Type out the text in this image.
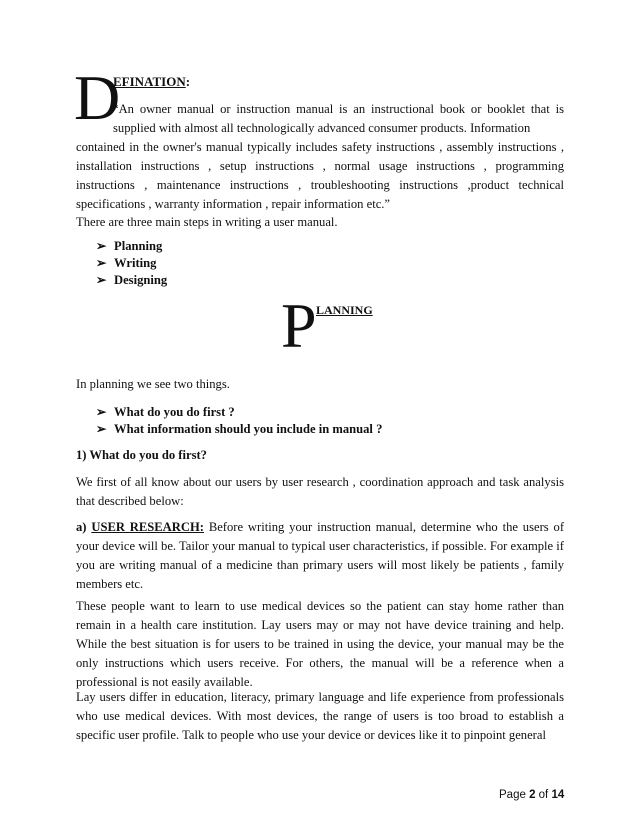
D
EFINATION:
“An owner manual or instruction manual is an instructional book or booklet that is supplied with almost all technologically advanced consumer products. Information
contained in the owner's manual typically includes safety instructions , assembly instructions , installation instructions , setup instructions , normal usage instructions , programming instructions , maintenance instructions , troubleshooting instructions ,product technical specifications , warranty information , repair information etc.”
There are three main steps in writing a user manual.
➢ Planning
➢ Writing
➢ Designing
P LANNING
In planning we see two things.
➢ What do you do first ?
➢ What information should you include in manual ?
1) What do you do first?
We first of all know about our users by user research , coordination approach and task analysis that described below:
a) USER RESEARCH: Before writing your instruction manual, determine who the users of your device will be. Tailor your manual to typical user characteristics, if possible. For example if you are writing manual of a medicine than primary users will most likely be patients , family members etc.
These people want to learn to use medical devices so the patient can stay home rather than remain in a health care institution. Lay users may or may not have device training and help. While the best situation is for users to be trained in using the device, your manual may be the only instructions which users receive. For others, the manual will be a reference when a professional is not easily available.
Lay users differ in education, literacy, primary language and life experience from professionals who use medical devices. With most devices, the range of users is too broad to establish a specific user profile. Talk to people who use your device or devices like it to pinpoint general
Page 2 of 14
